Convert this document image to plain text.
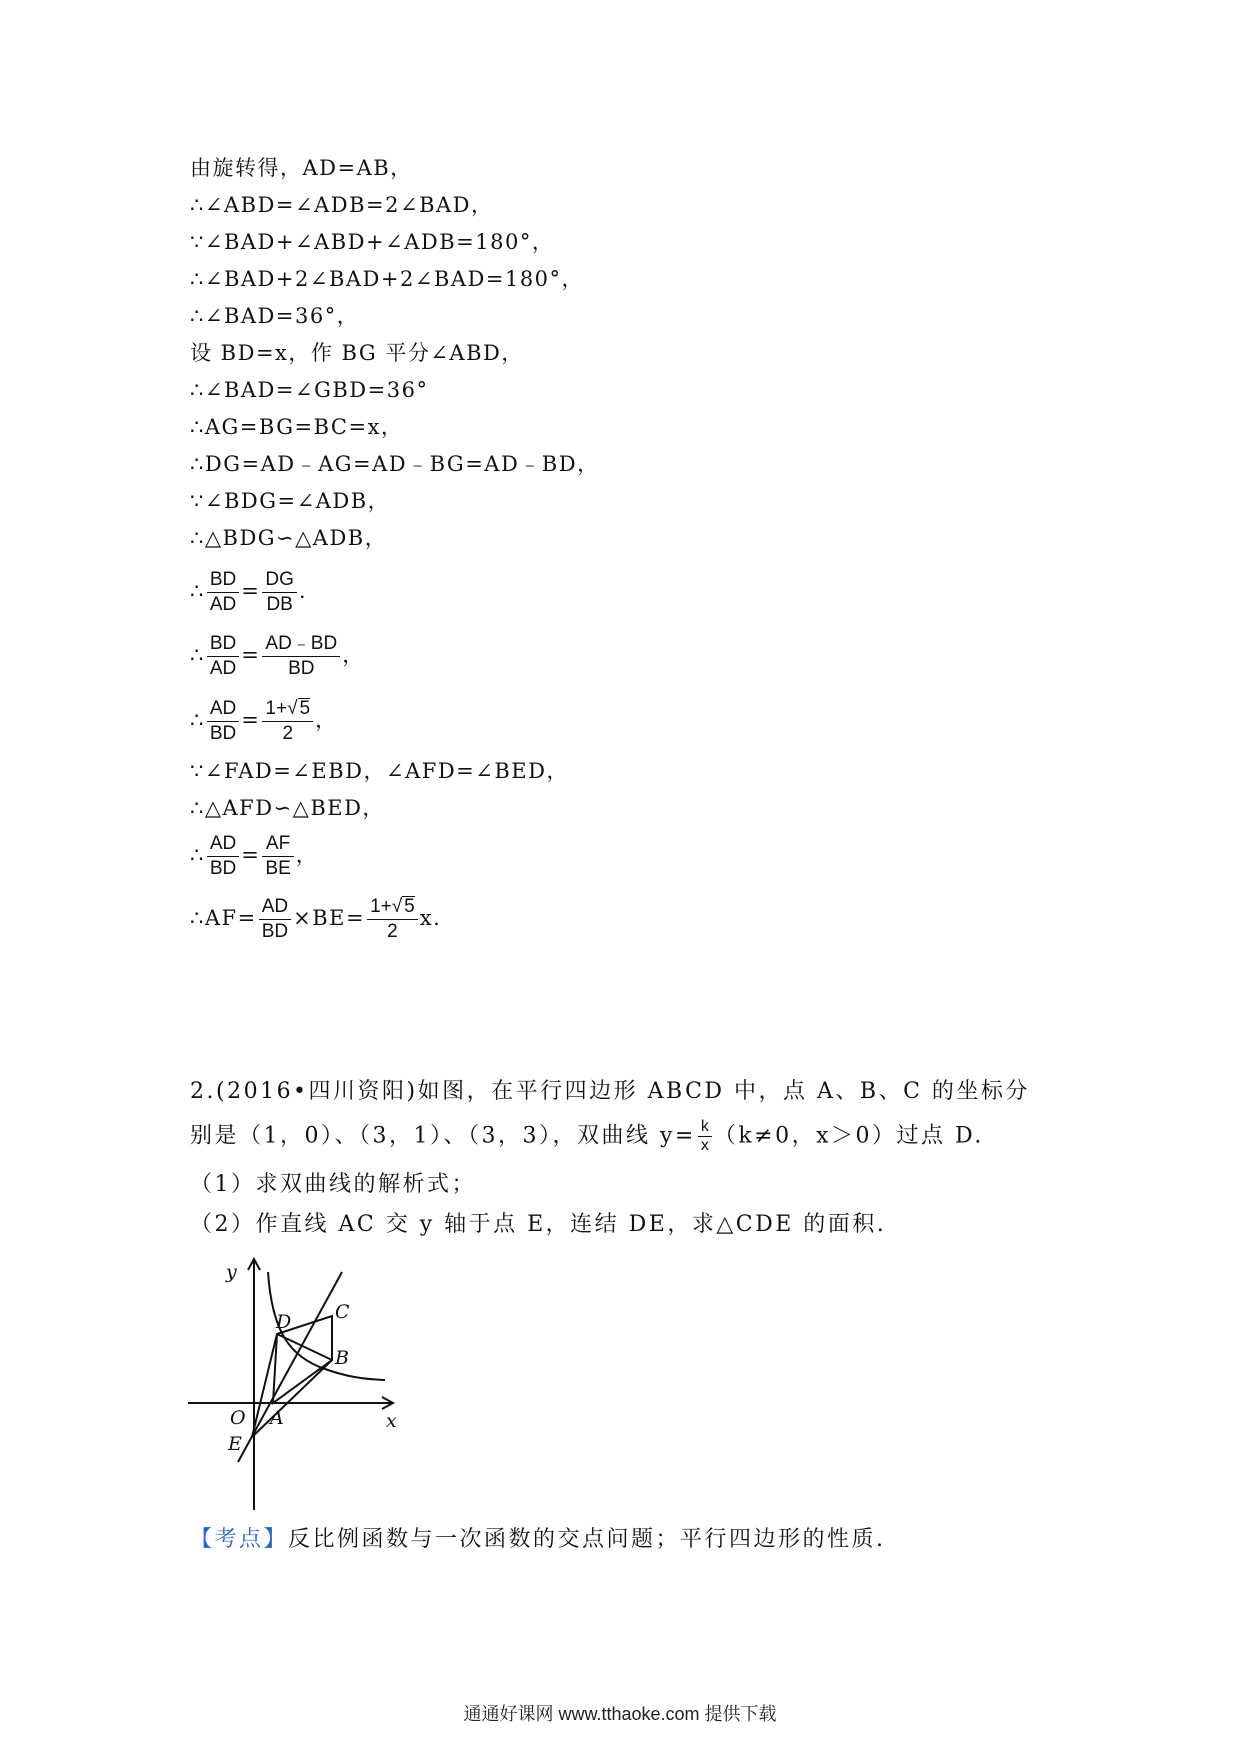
由旋转得，AD=AB，
∴∠ABD=∠ADB=2∠BAD，
∵∠BAD+∠ABD+∠ADB=180°，
∴∠BAD+2∠BAD+2∠BAD=180°，
∴∠BAD=36°，
设 BD=x，作 BG 平分∠ABD，
∴∠BAD=∠GBD=36°
∴AG=BG=BC=x，
∴DG=AD﹣AG=AD﹣BG=AD﹣BD，
∵∠BDG=∠ADB，
∴△BDG∽△ADB，
∴ $\frac{BD}{AD} = \frac{DG}{DB}$ .
∴ $\frac{BD}{AD} = \frac{AD﹣BD}{BD}$ ，
∴ $\frac{AD}{BD} = \frac{1+√ 5}{2}$ ，
∵∠FAD=∠EBD，∠AFD=∠BED，
∴△AFD∽△BED，
∴ $\frac{AD}{BD} = \frac{AF}{BE}$ ，
∴AF= $\frac{AD}{BD} \times BE= \frac{1+√ 5}{2} x$.
2.(2016•四川资阳)如图，在平行四边形 ABCD 中，点 A、B、C 的坐标分
别是（1，0）、（3，1）、（3，3），双曲线 $y= \frac{k}{x} (k\ne 0$，x＞0）过点 D.
（1）求双曲线的解析式；
（2）作直线 AC 交 y 轴于点 E，连结 DE，求△CDE 的面积.
y
x
O A
B
C
D
E
【考点】反比例函数与一次函数的交点问题；平行四边形的性质.
通通好课网 www.tthaoke.com 提供下载
